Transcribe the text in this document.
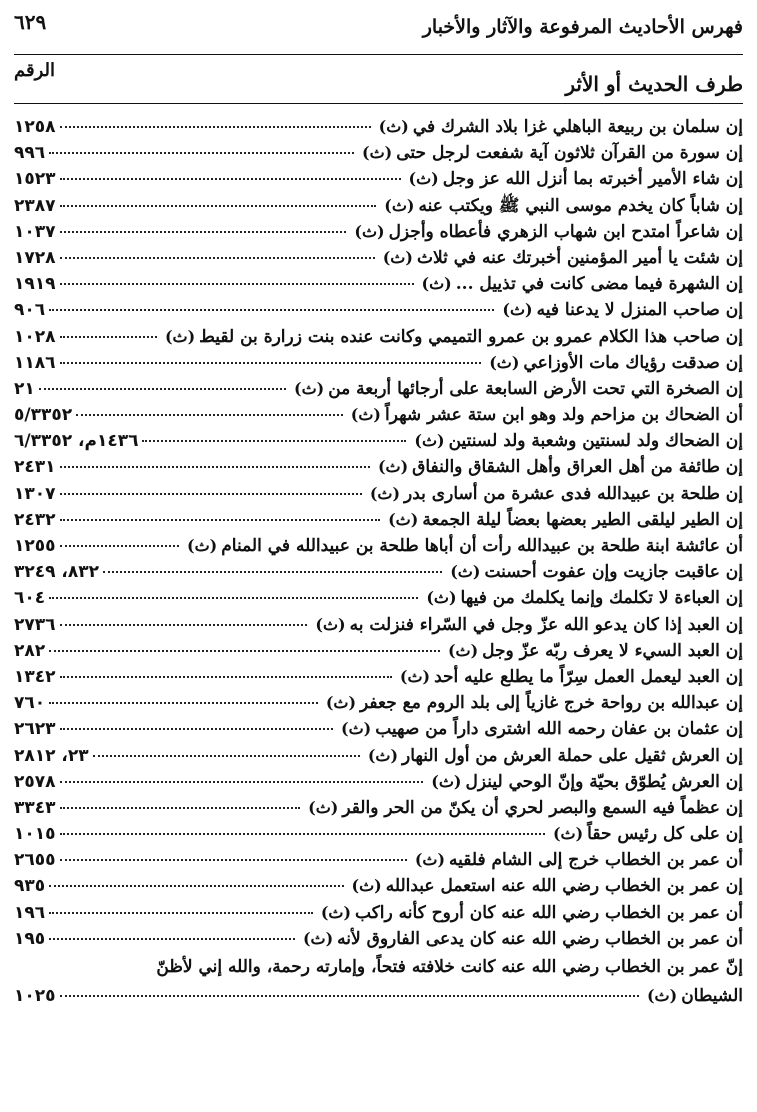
فهرس الأحاديث المرفوعة والآثار والأخبار
٦٢٩
طرف الحديث أو الأثر
الرقم
إن سلمان بن ربيعة الباهلي غزا بلاد الشرك في
(ث)
١٢٥٨
إن سورة من القرآن ثلاثون آية شفعت لرجل حتى
(ث)
٩٩٦
إن شاء الأمير أخبرته بما أنزل الله عز وجل
(ث)
١٥٢٣
إن شاباً كان يخدم موسى النبي ﷺ ويكتب عنه
(ث)
٢٣٨٧
إن شاعراً امتدح ابن شهاب الزهري فأعطاه وأجزل
(ث)
١٠٣٧
إن شئت يا أمير المؤمنين أخبرتك عنه في ثلاث
(ث)
١٧٢٨
إن الشهرة فيما مضى كانت في تذييل ...
(ث)
١٩١٩
إن صاحب المنزل لا يدعنا فيه
(ث)
٩٠٦
إن صاحب هذا الكلام عمرو بن عمرو التميمي وكانت عنده بنت زرارة بن لقيط
(ث)
١٠٢٨
إن صدقت رؤياك مات الأوزاعي
(ث)
١١٨٦
إن الصخرة التي تحت الأرض السابعة على أرجائها أربعة من
(ث)
٢١
أن الضحاك بن مزاحم ولد وهو ابن ستة عشر شهراً
(ث)
٥/٣٣٥٢
إن الضحاك ولد لسنتين وشعبة ولد لسنتين
(ث)
١٤٣٦م، ٦/٣٣٥٢
إن طائفة من أهل العراق وأهل الشقاق والنفاق
(ث)
٢٤٣١
إن طلحة بن عبيدالله فدى عشرة من أسارى بدر
(ث)
١٣٠٧
إن الطير ليلقى الطير بعضها بعضاً ليلة الجمعة
(ث)
٢٤٣٢
أن عائشة ابنة طلحة بن عبيدالله رأت أن أباها طلحة بن عبيدالله في المنام
(ث)
١٢٥٥
إن عاقبت جازيت وإن عفوت أحسنت
(ث)
٨٣٢، ٣٢٤٩
إن العباءة لا تكلمك وإنما يكلمك من فيها
(ث)
٦٠٤
إن العبد إذا كان يدعو الله عزّ وجل في السّراء فنزلت به
(ث)
٢٧٣٦
إن العبد السيء لا يعرف ربّه عزّ وجل
(ث)
٢٨٢
إن العبد ليعمل العمل سِرّاً ما يطلع عليه أحد
(ث)
١٣٤٢
إن عبدالله بن رواحة خرج غازياً إلى بلد الروم مع جعفر
(ث)
٧٦٠
إن عثمان بن عفان رحمه الله اشترى داراً من صهيب
(ث)
٢٦٢٣
إن العرش ثقيل على حملة العرش من أول النهار
(ث)
٢٣، ٢٨١٢
إن العرش يُطوّق بحيّة وإنّ الوحي لينزل
(ث)
٢٥٧٨
إن عظماً فيه السمع والبصر لحري أن يكنّ من الحر والقر
(ث)
٣٣٤٣
إن على كل رئيس حقاً
(ث)
١٠١٥
أن عمر بن الخطاب خرج إلى الشام فلقيه
(ث)
٢٦٥٥
إن عمر بن الخطاب رضي الله عنه استعمل عبدالله
(ث)
٩٣٥
أن عمر بن الخطاب رضي الله عنه كان أروح كأنه راكب
(ث)
١٩٦
أن عمر بن الخطاب رضي الله عنه كان يدعى الفاروق لأنه
(ث)
١٩٥
إنّ عمر بن الخطاب رضي الله عنه كانت خلافته فتحاً، وإمارته رحمة، والله إني لأظنّ
الشيطان
(ث)
١٠٢٥
